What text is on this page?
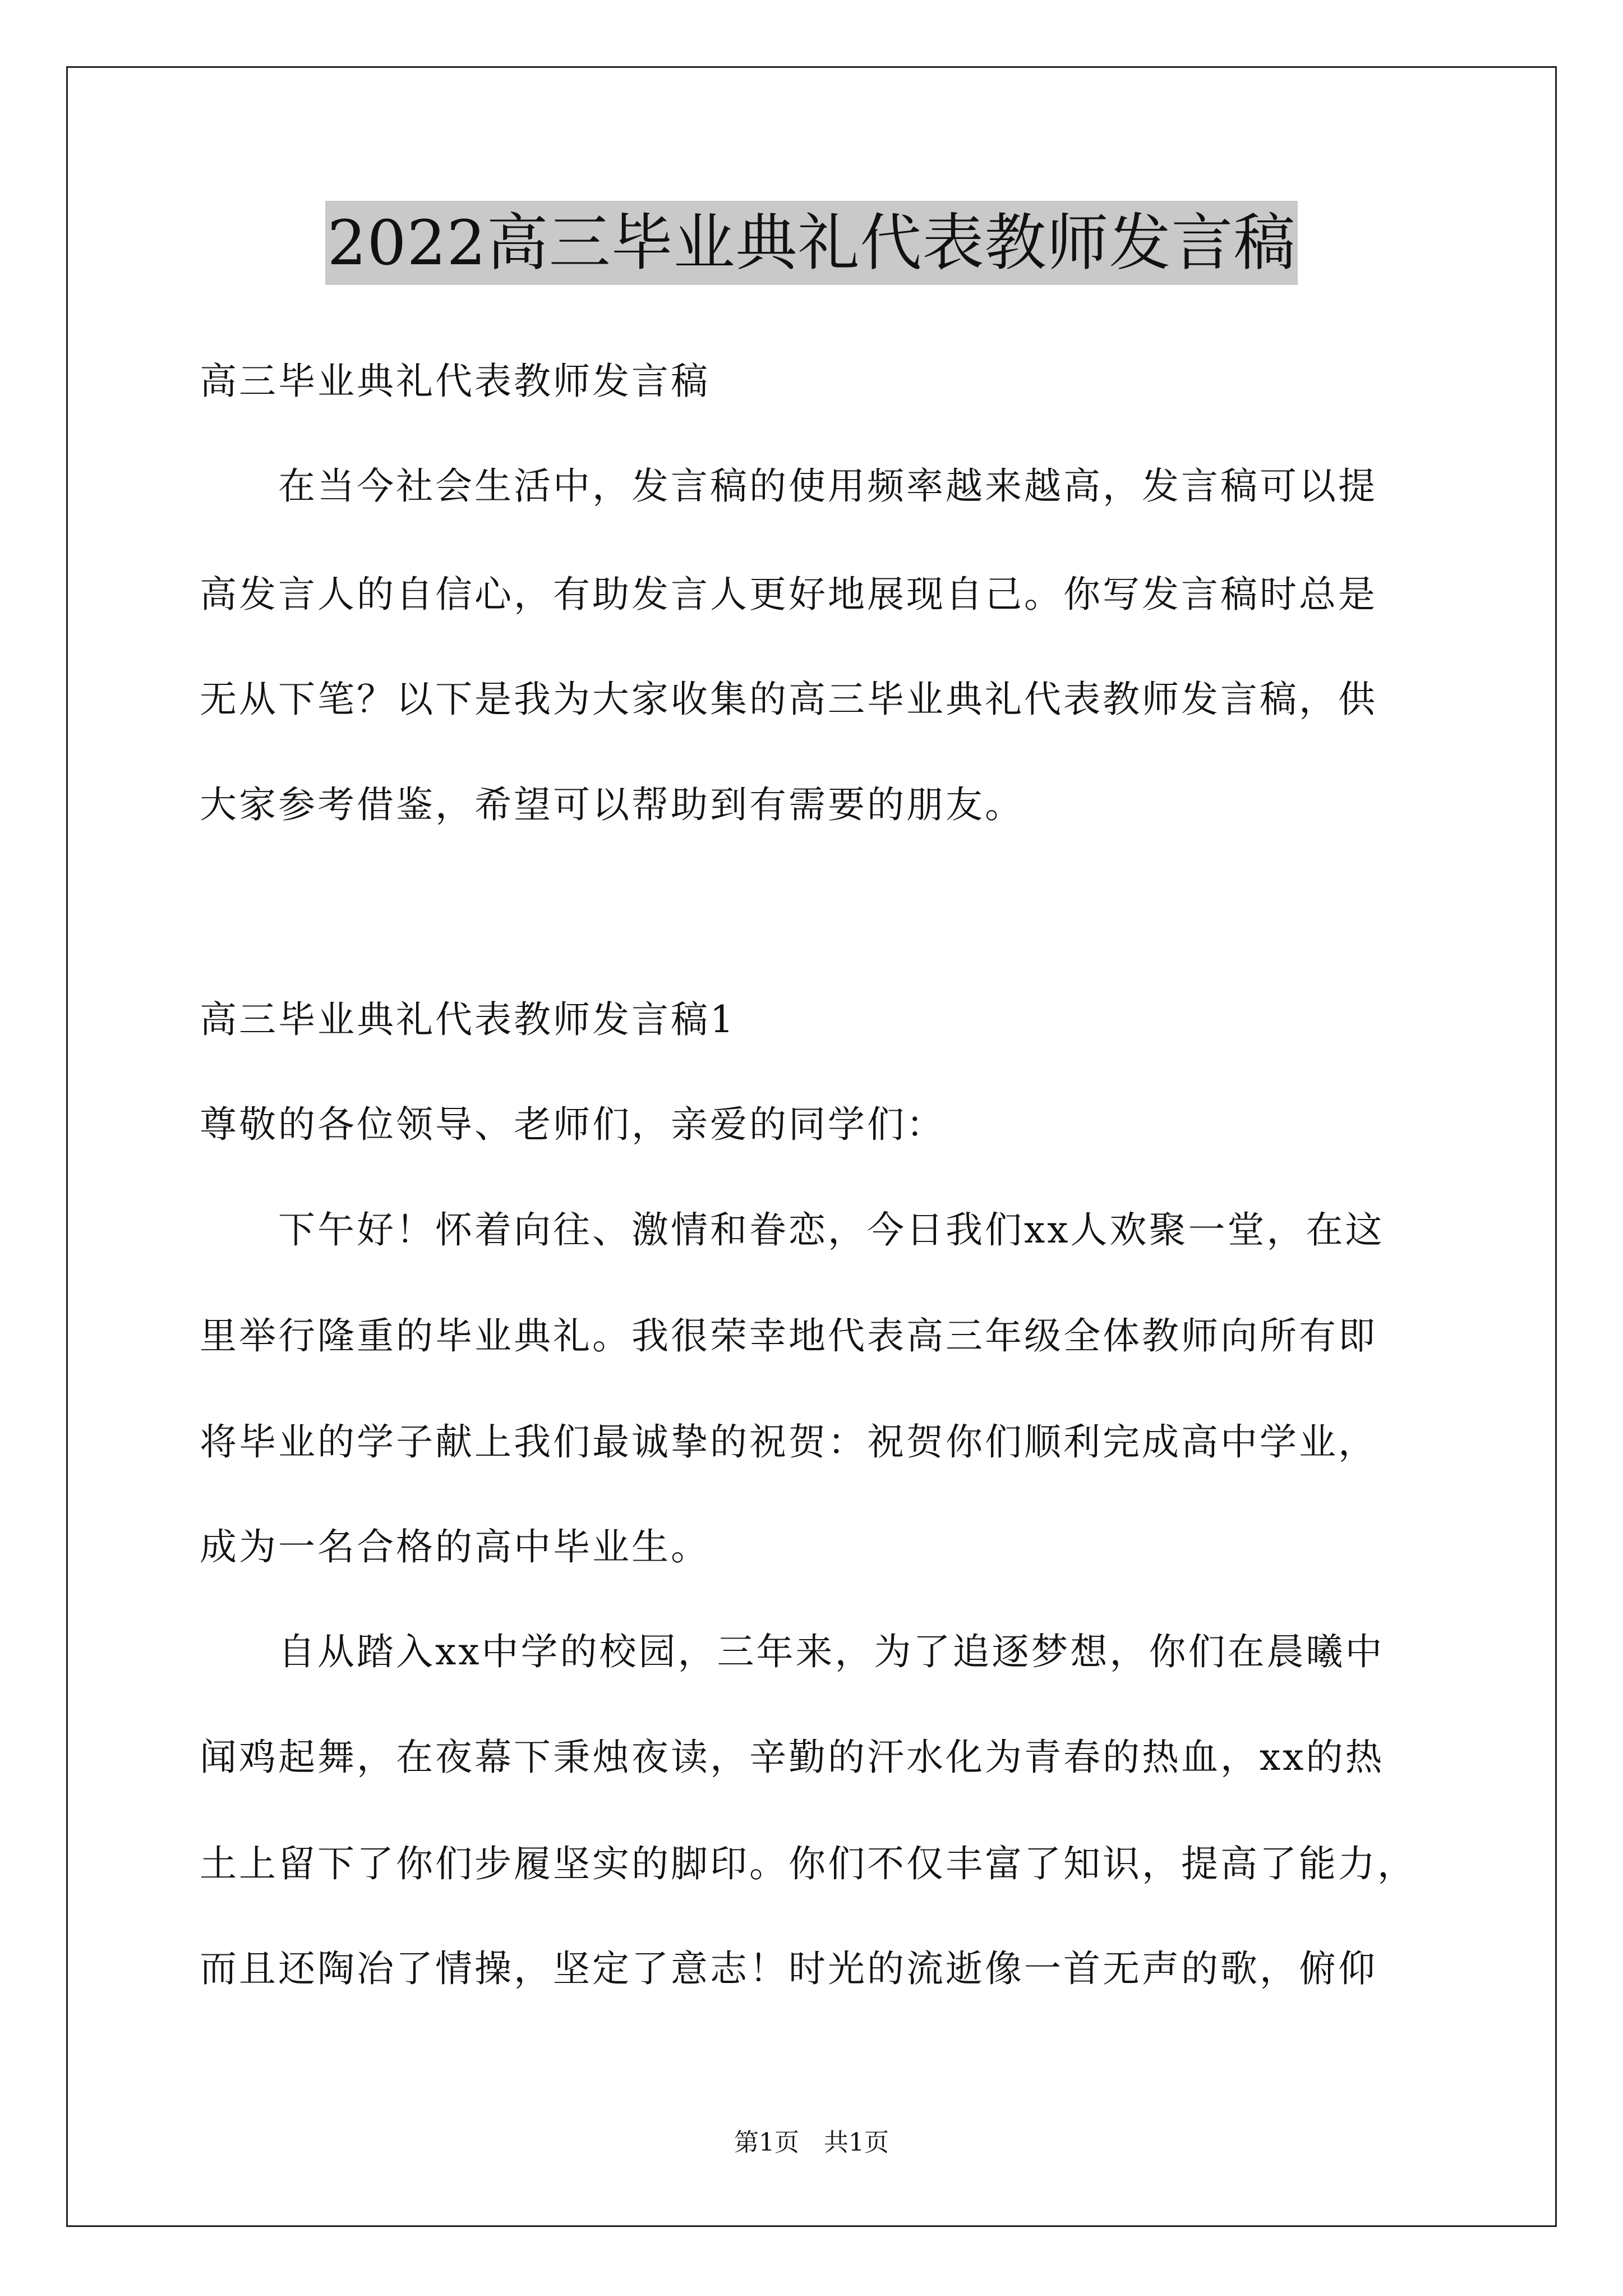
2022高三毕业典礼代表教师发言稿
高三毕业典礼代表教师发言稿
　　在当今社会生活中，发言稿的使用频率越来越高，发言稿可以提
高发言人的自信心，有助发言人更好地展现自己。你写发言稿时总是
无从下笔？以下是我为大家收集的高三毕业典礼代表教师发言稿，供
大家参考借鉴，希望可以帮助到有需要的朋友。
高三毕业典礼代表教师发言稿1
尊敬的各位领导、老师们，亲爱的同学们：
　　下午好！怀着向往、激情和眷恋，今日我们xx人欢聚一堂，在这
里举行隆重的毕业典礼。我很荣幸地代表高三年级全体教师向所有即
将毕业的学子献上我们最诚挚的祝贺：祝贺你们顺利完成高中学业，
成为一名合格的高中毕业生。
　　自从踏入xx中学的校园，三年来，为了追逐梦想，你们在晨曦中
闻鸡起舞，在夜幕下秉烛夜读，辛勤的汗水化为青春的热血，xx的热
土上留下了你们步履坚实的脚印。你们不仅丰富了知识，提高了能力，
而且还陶冶了情操，坚定了意志！时光的流逝像一首无声的歌，俯仰
第1页　共1页
